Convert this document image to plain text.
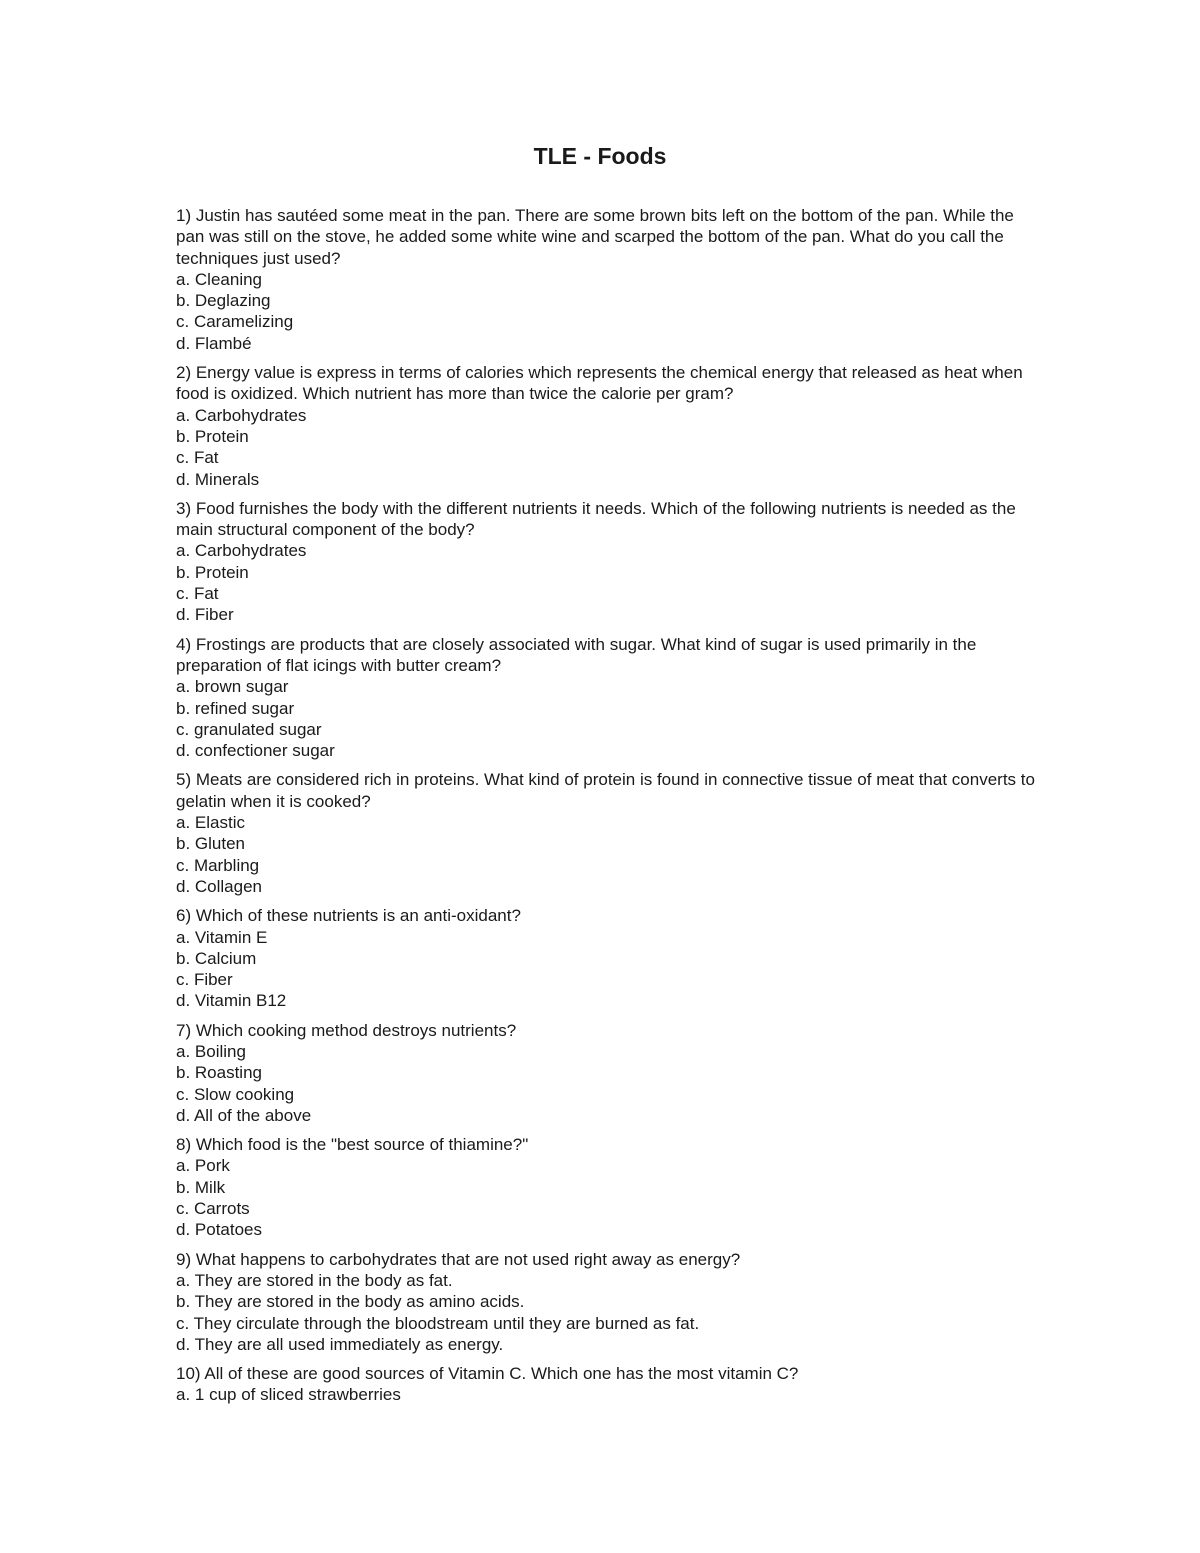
TLE - Foods

1) Justin has sautéed some meat in the pan. There are some brown bits left on the bottom of the pan. While the pan was still on the stove, he added some white wine and scarped the bottom of the pan. What do you call the techniques just used?

a. Cleaning
b. Deglazing
c. Caramelizing
d. Flambé

2) Energy value is express in terms of calories which represents the chemical energy that released as heat when food is oxidized. Which nutrient has more than twice the calorie per gram?

a. Carbohydrates
b. Protein
c. Fat
d. Minerals

3) Food furnishes the body with the different nutrients it needs. Which of the following nutrients is needed as the main structural component of the body?

a. Carbohydrates
b. Protein
c. Fat
d. Fiber

4) Frostings are products that are closely associated with sugar. What kind of sugar is used primarily in the preparation of flat icings with butter cream?

a. brown sugar
b. refined sugar
c. granulated sugar
d. confectioner sugar

5) Meats are considered rich in proteins. What kind of protein is found in connective tissue of meat that converts to gelatin when it is cooked?

a. Elastic
b. Gluten
c. Marbling
d. Collagen

6) Which of these nutrients is an anti-oxidant?

a. Vitamin E
b. Calcium
c. Fiber
d. Vitamin B12

7) Which cooking method destroys nutrients?

a. Boiling
b. Roasting
c. Slow cooking
d. All of the above

8) Which food is the "best source of thiamine?"

a. Pork
b. Milk
c. Carrots
d. Potatoes

9) What happens to carbohydrates that are not used right away as energy?

a. They are stored in the body as fat.
b. They are stored in the body as amino acids.
c. They circulate through the bloodstream until they are burned as fat.
d. They are all used immediately as energy.

10) All of these are good sources of Vitamin C. Which one has the most vitamin C?

a. 1 cup of sliced strawberries
